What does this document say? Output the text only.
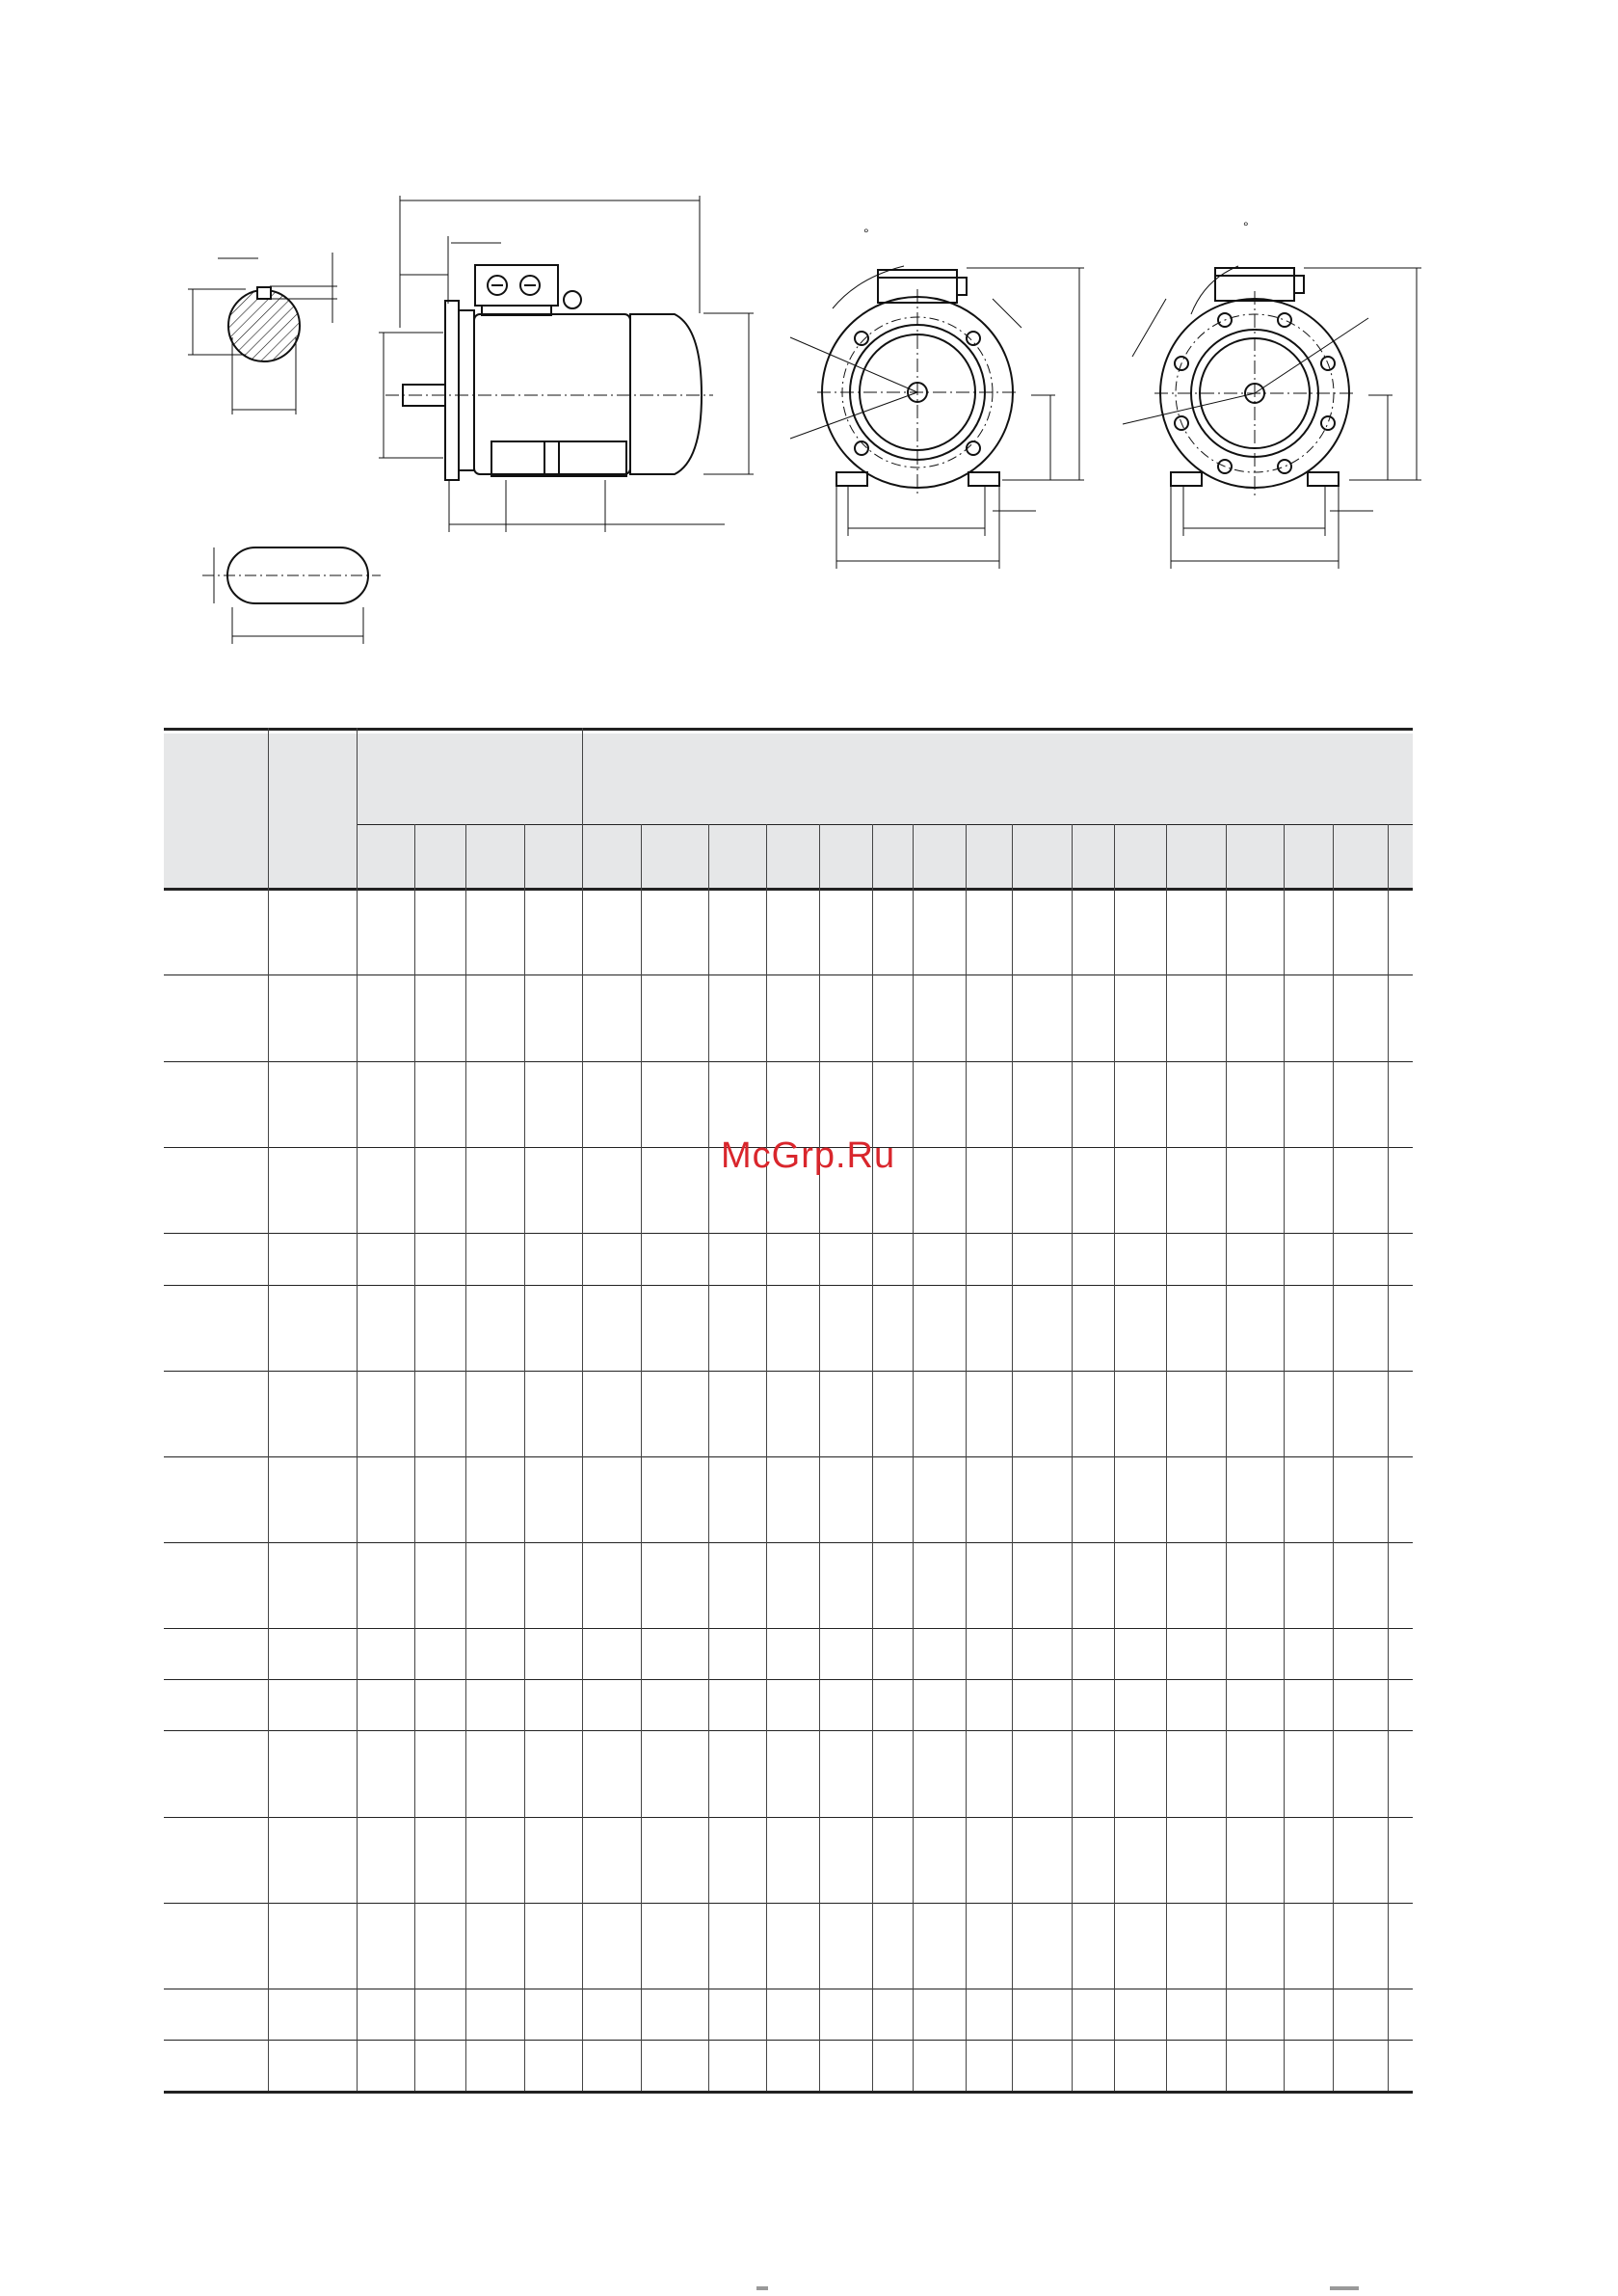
°	°
McGrp.Ru
